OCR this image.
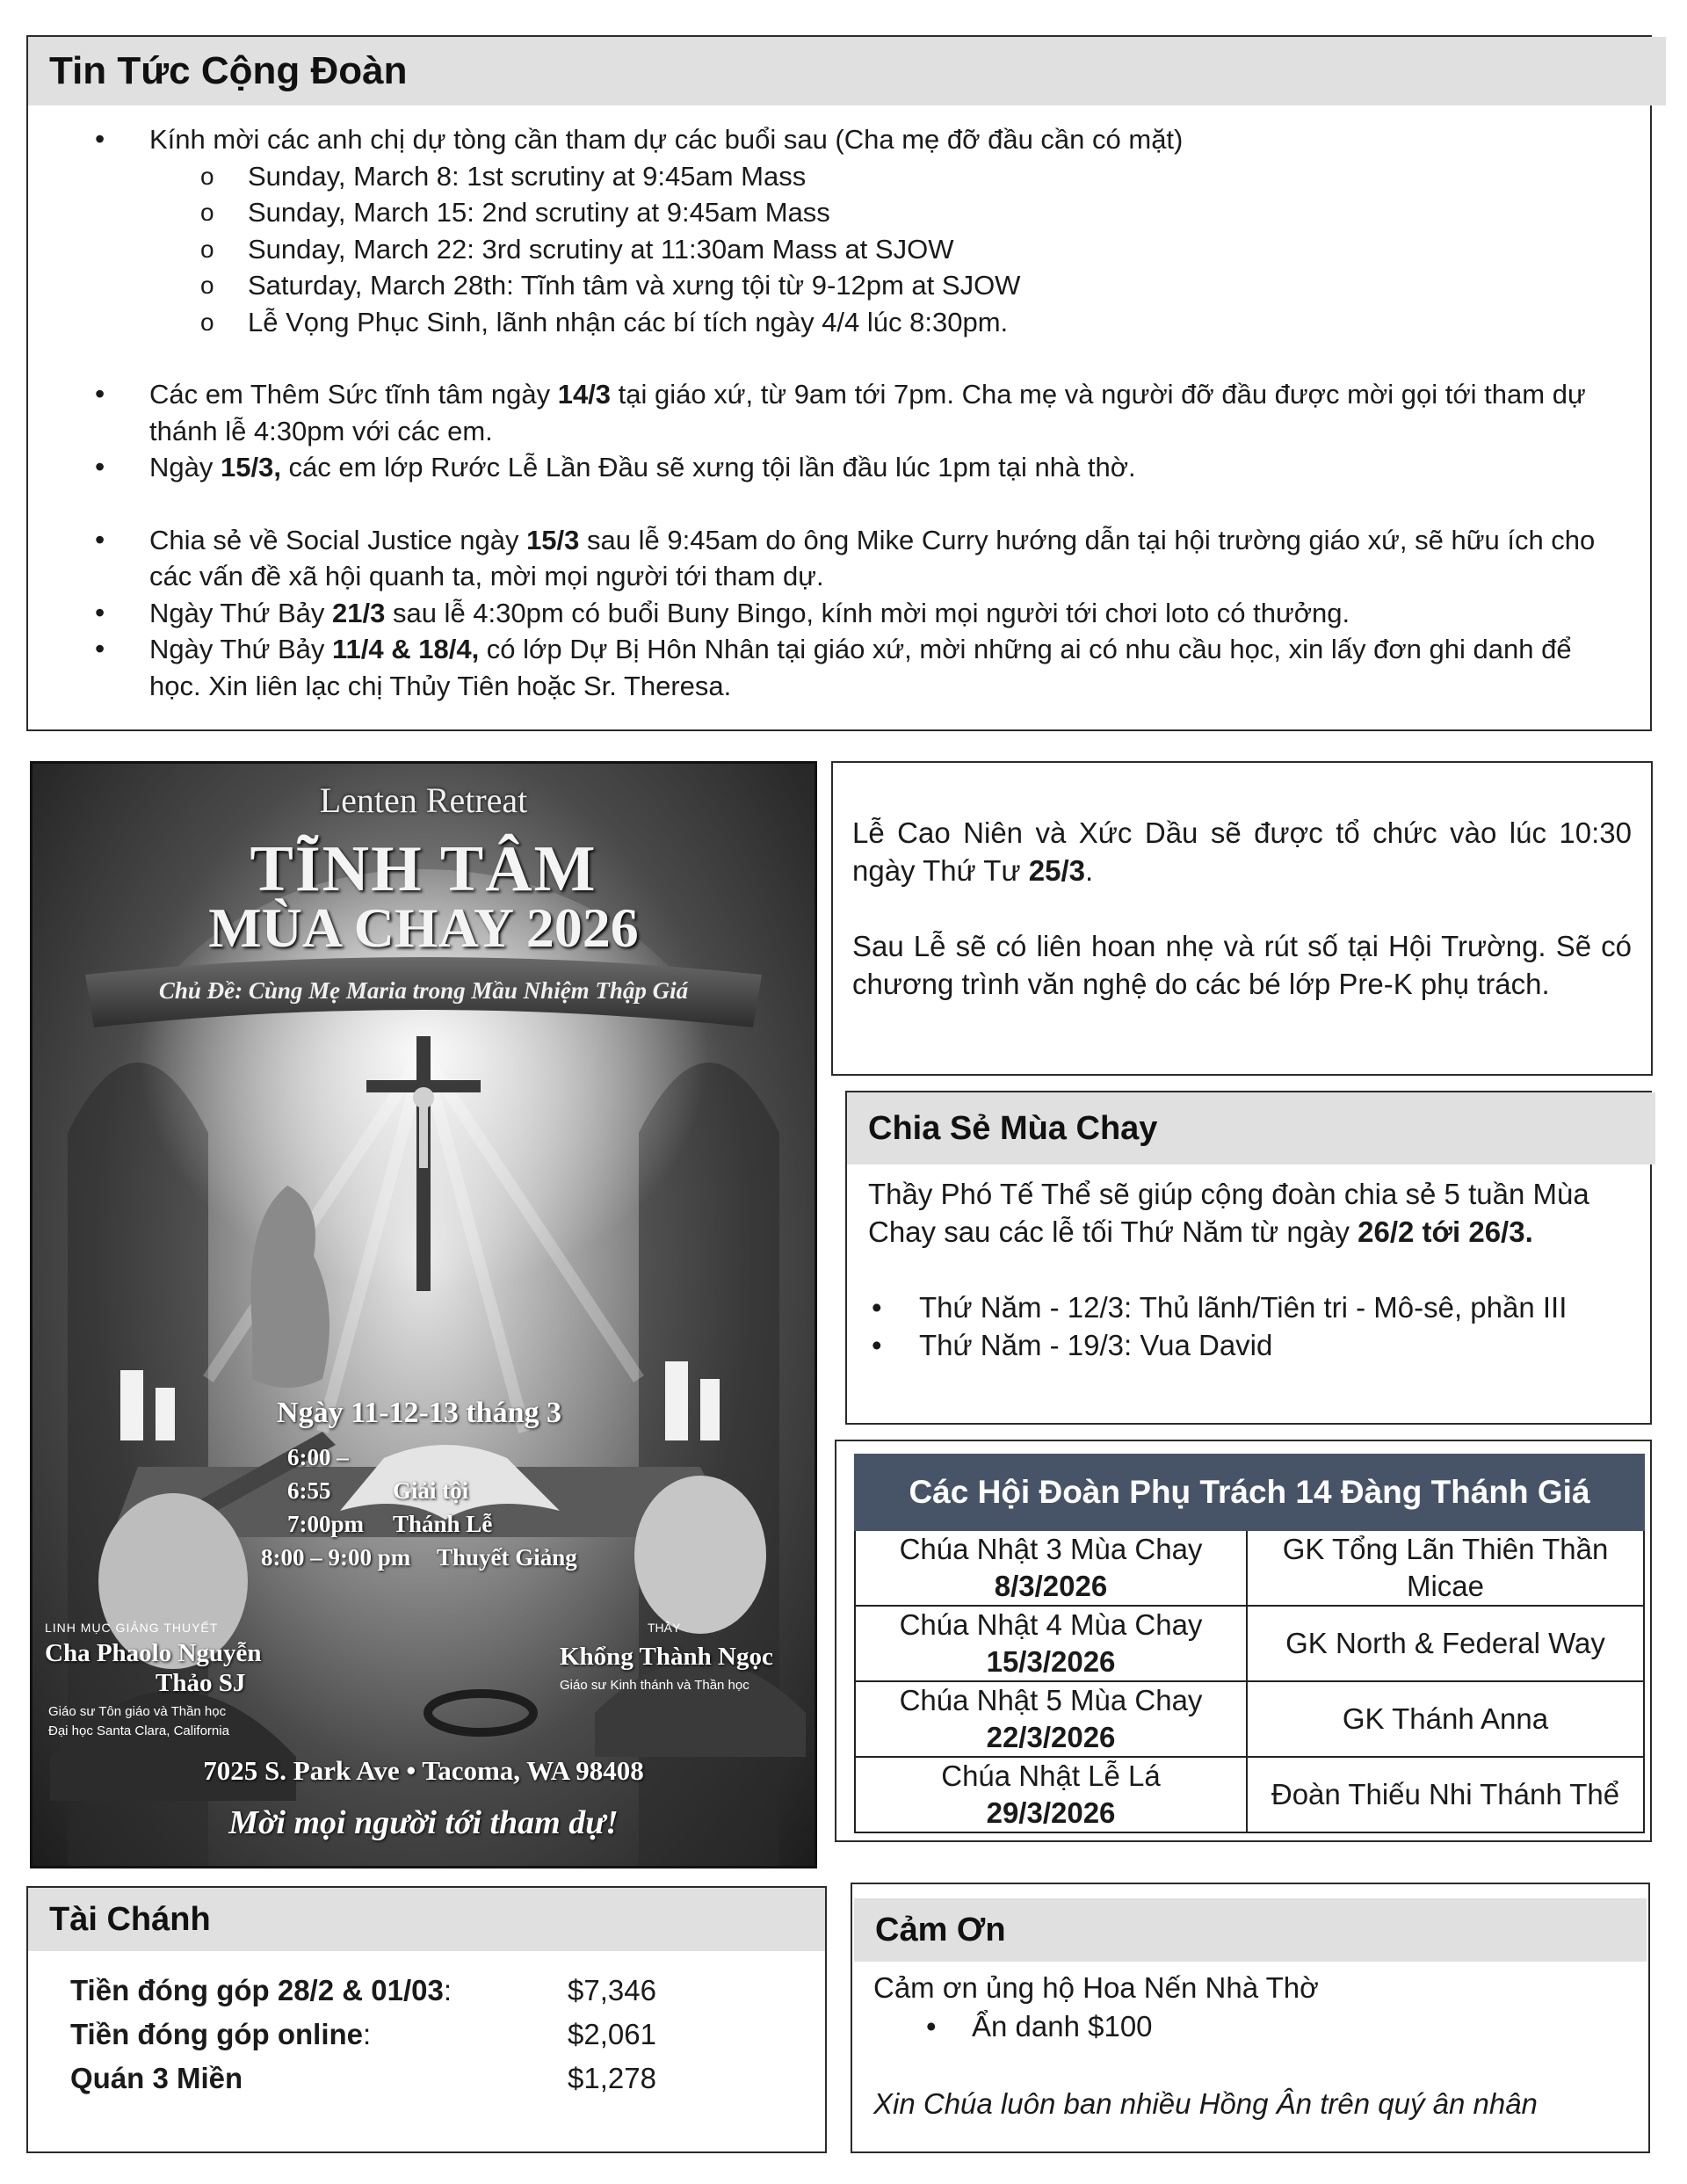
Tin Tức Cộng Đoàn
• Kính mời các anh chị dự tòng cần tham dự các buổi sau (Cha mẹ đỡ đầu cần có mặt)
o Sunday, March 8: 1st scrutiny at 9:45am Mass
o Sunday, March 15: 2nd scrutiny at 9:45am Mass
o Sunday, March 22: 3rd scrutiny at 11:30am Mass at SJOW
o Saturday, March 28th: Tĩnh tâm và xưng tội từ 9-12pm at SJOW
o Lễ Vọng Phục Sinh, lãnh nhận các bí tích ngày 4/4 lúc 8:30pm.
• Các em Thêm Sức tĩnh tâm ngày 14/3 tại giáo xứ, từ 9am tới 7pm. Cha mẹ và người đỡ đầu được mời gọi tới tham dự thánh lễ 4:30pm với các em.
• Ngày 15/3, các em lớp Rước Lễ Lần Đầu sẽ xưng tội lần đầu lúc 1pm tại nhà thờ.
• Chia sẻ về Social Justice ngày 15/3 sau lễ 9:45am do ông Mike Curry hướng dẫn tại hội trường giáo xứ, sẽ hữu ích cho các vấn đề xã hội quanh ta, mời mọi người tới tham dự.
• Ngày Thứ Bảy 21/3 sau lễ 4:30pm có buổi Buny Bingo, kính mời mọi người tới chơi loto có thưởng.
• Ngày Thứ Bảy 11/4 & 18/4, có lớp Dự Bị Hôn Nhân tại giáo xứ, mời những ai có nhu cầu học, xin lấy đơn ghi danh để học. Xin liên lạc chị Thủy Tiên hoặc Sr. Theresa.
Lenten Retreat
TĨNH TÂM
MÙA CHAY 2026
Chủ Đề: Cùng Mẹ Maria trong Mầu Nhiệm Thập Giá
Ngày 11-12-13 tháng 3
6:00 – 6:55	Giải tội
7:00pm Thánh Lễ
8:00 – 9:00 pm Thuyết Giảng
LINH MỤC GIẢNG THUYẾT
Cha Phaolo Nguyễn
Thảo SJ
Giáo sư Tôn giáo và Thần học
Đại học Santa Clara, California
THẦY
Khổng Thành Ngọc
Giáo sư Kinh thánh và Thần học
7025 S. Park Ave • Tacoma, WA 98408
Mời mọi người tới tham dự!

Lễ Cao Niên và Xức Dầu sẽ được tổ chức vào lúc 10:30 ngày Thứ Tư 25/3.

Sau Lễ sẽ có liên hoan nhẹ và rút số tại Hội Trường. Sẽ có chương trình văn nghệ do các bé lớp Pre-K phụ trách.

Chia Sẻ Mùa Chay

Thầy Phó Tế Thể sẽ giúp cộng đoàn chia sẻ 5 tuần Mùa Chay sau các lễ tối Thứ Năm từ ngày 26/2 tới 26/3.

• Thứ Năm - 12/3: Thủ lãnh/Tiên tri - Mô-sê, phần III
• Thứ Năm - 19/3: Vua David
Các Hội Đoàn Phụ Trách 14 Đàng Thánh Giá	
Chúa Nhật 3 Mùa Chay
8/3/2026	GK Tổng Lãn Thiên Thần Micae
Chúa Nhật 4 Mùa Chay
15/3/2026	GK North & Federal Way
Chúa Nhật 5 Mùa Chay
22/3/2026	GK Thánh Anna
Chúa Nhật Lễ Lá
29/3/2026	Đoàn Thiếu Nhi Thánh Thể
Tài Chánh
Tiền đóng góp 28/2 & 01/03:	$7,346
Tiền đóng góp online:	$2,061
Quán 3 Miền	$1,278
Cảm Ơn

Cảm ơn ủng hộ Hoa Nến Nhà Thờ

• Ẩn danh $100

Xin Chúa luôn ban nhiều Hồng Ân trên quý ân nhân
